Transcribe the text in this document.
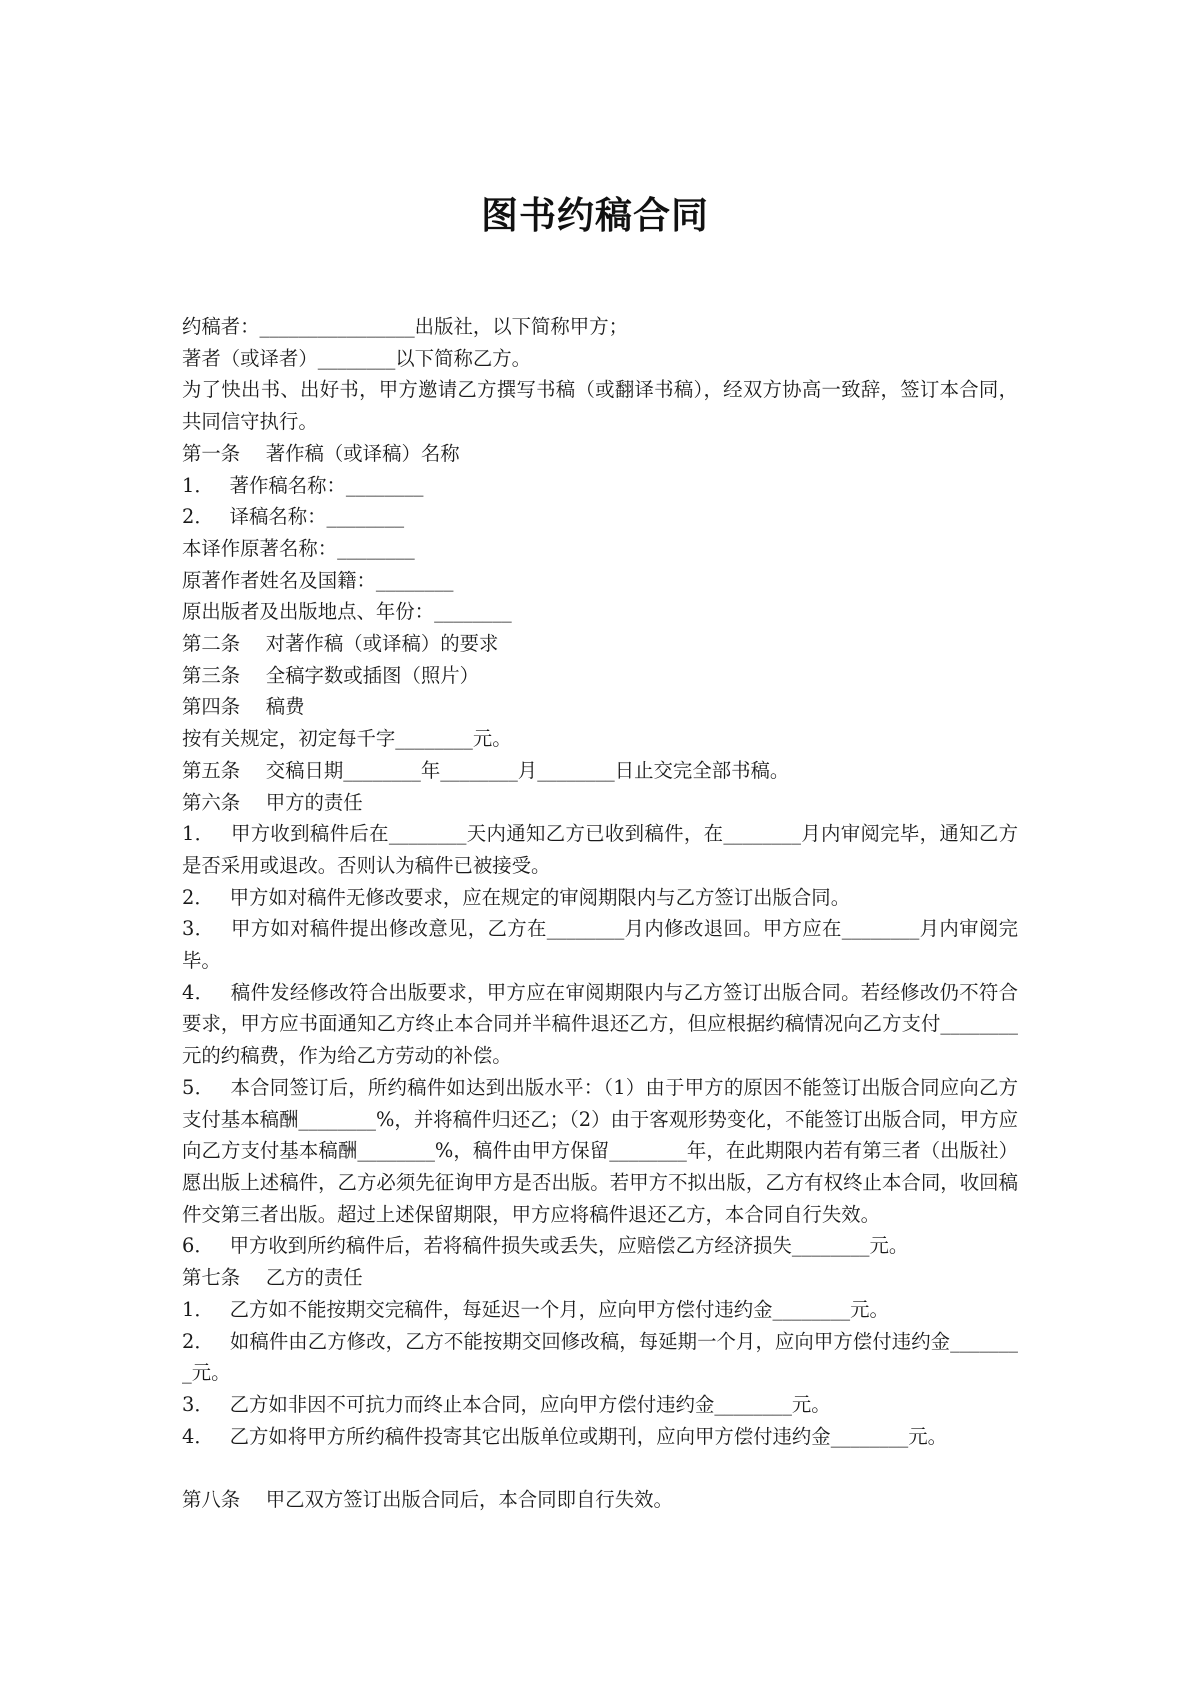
图书约稿合同

约稿者：________________出版社，以下简称甲方；

著者（或译者）________以下简称乙方。

为了快出书、出好书，甲方邀请乙方撰写书稿（或翻译书稿），经双方协高一致辞，签订本合同，共同信守执行。

第一条　 著作稿（或译稿）名称

1．　 著作稿名称：________

2．　 译稿名称：________

本译作原著名称：________

原著作者姓名及国籍：________

原出版者及出版地点、年份：________

第二条　 对著作稿（或译稿）的要求

第三条　 全稿字数或插图（照片）

第四条　 稿费

按有关规定，初定每千字________元。

第五条　 交稿日期________年________月________日止交完全部书稿。

第六条　 甲方的责任

1．　 甲方收到稿件后在________天内通知乙方已收到稿件，在________月内审阅完毕，通知乙方是否采用或退改。否则认为稿件已被接受。

2．　 甲方如对稿件无修改要求，应在规定的审阅期限内与乙方签订出版合同。

3．　 甲方如对稿件提出修改意见，乙方在________月内修改退回。甲方应在________月内审阅完毕。

4．　 稿件发经修改符合出版要求，甲方应在审阅期限内与乙方签订出版合同。若经修改仍不符合要求，甲方应书面通知乙方终止本合同并半稿件退还乙方，但应根据约稿情况向乙方支付________元的约稿费，作为给乙方劳动的补偿。

5．　 本合同签订后，所约稿件如达到出版水平：（1）由于甲方的原因不能签订出版合同应向乙方支付基本稿酬________%，并将稿件归还乙；（2）由于客观形势变化，不能签订出版合同，甲方应向乙方支付基本稿酬________%，稿件由甲方保留________年，在此期限内若有第三者（出版社）愿出版上述稿件，乙方必须先征询甲方是否出版。若甲方不拟出版，乙方有权终止本合同，收回稿件交第三者出版。超过上述保留期限，甲方应将稿件退还乙方，本合同自行失效。

6．　 甲方收到所约稿件后，若将稿件损失或丢失，应赔偿乙方经济损失________元。

第七条　 乙方的责任

1．　 乙方如不能按期交完稿件，每延迟一个月，应向甲方偿付违约金________元。

2．　 如稿件由乙方修改，乙方不能按期交回修改稿，每延期一个月，应向甲方偿付违约金________元。

3．　 乙方如非因不可抗力而终止本合同，应向甲方偿付违约金________元。

4．　 乙方如将甲方所约稿件投寄其它出版单位或期刊，应向甲方偿付违约金________元。

第八条　 甲乙双方签订出版合同后，本合同即自行失效。
